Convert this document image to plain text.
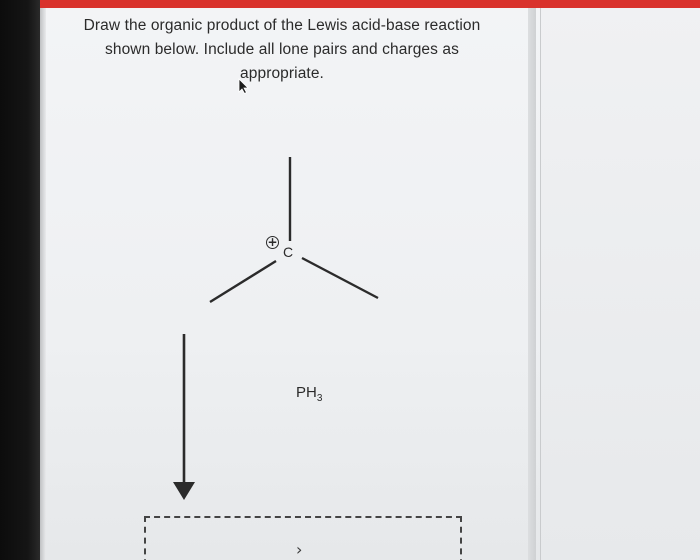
Draw the organic product of the Lewis acid-base reaction
shown below. Include all lone pairs and charges as
appropriate.
+
C
$PH_3$
›
